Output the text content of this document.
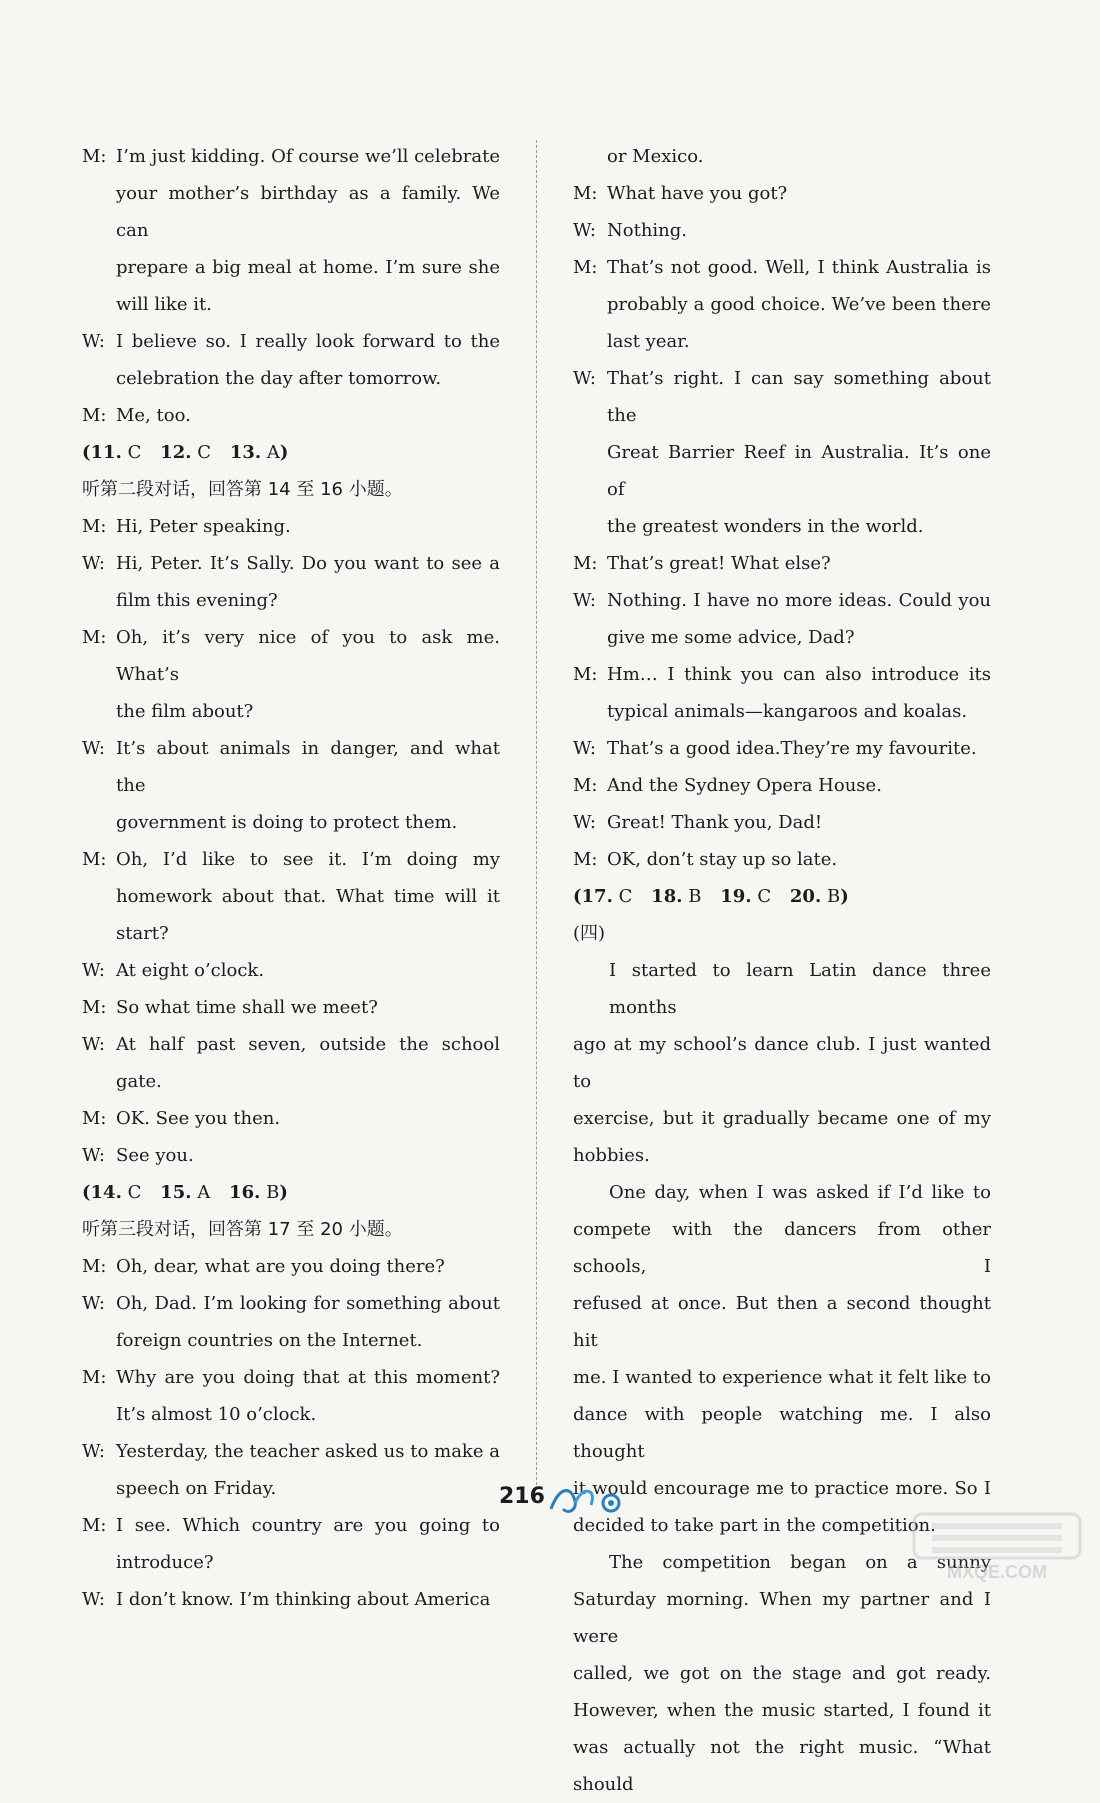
M: I’m just kidding. Of course we’ll celebrate
your mother’s birthday as a family. We can
prepare a big meal at home. I’m sure she
will like it.
W: I believe so. I really look forward to the
celebration the day after tomorrow.
M: Me, too.

(11. C 12. C 13. A)

听第二段对话，回答第 14 至 16 小题。

M: Hi, Peter speaking.
W: Hi, Peter. It’s Sally. Do you want to see a
film this evening?
M: Oh, it’s very nice of you to ask me. What’s
the film about?
W: It’s about animals in danger, and what the
government is doing to protect them.
M: Oh, I’d like to see it. I’m doing my
homework about that. What time will it
start?
W: At eight o’clock.
M: So what time shall we meet?
W: At half past seven, outside the school gate.
M: OK. See you then.
W: See you.

(14. C 15. A 16. B)

听第三段对话，回答第 17 至 20 小题。

M: Oh, dear, what are you doing there?
W: Oh, Dad. I’m looking for something about
foreign countries on the Internet.
M: Why are you doing that at this moment?
It’s almost 10 o’clock.
W: Yesterday, the teacher asked us to make a
speech on Friday.
M: I see. Which country are you going to
introduce?
W: I don’t know. I’m thinking about America
or Mexico.
M: What have you got?
W: Nothing.
M: That’s not good. Well, I think Australia is
probably a good choice. We’ve been there
last year.
W: That’s right. I can say something about the
Great Barrier Reef in Australia. It’s one of
the greatest wonders in the world.
M: That’s great! What else?
W: Nothing. I have no more ideas. Could you
give me some advice, Dad?
M: Hm… I think you can also introduce its
typical animals—kangaroos and koalas.
W: That’s a good idea.They’re my favourite.
M: And the Sydney Opera House.
W: Great! Thank you, Dad!
M: OK, don’t stay up so late.

(17. C 18. B 19. C 20. B)

(四)

I started to learn Latin dance three months
ago at my school’s dance club. I just wanted to
exercise, but it gradually became one of my
hobbies.
One day, when I was asked if I’d like to
compete with the dancers from other schools, I
refused at once. But then a second thought hit
me. I wanted to experience what it felt like to
dance with people watching me. I also thought
it would encourage me to practice more. So I
decided to take part in the competition.
The competition began on a sunny
Saturday morning. When my partner and I were
called, we got on the stage and got ready.
However, when the music started, I found it
was actually not the right music. “What should
216
MXQE.COM
